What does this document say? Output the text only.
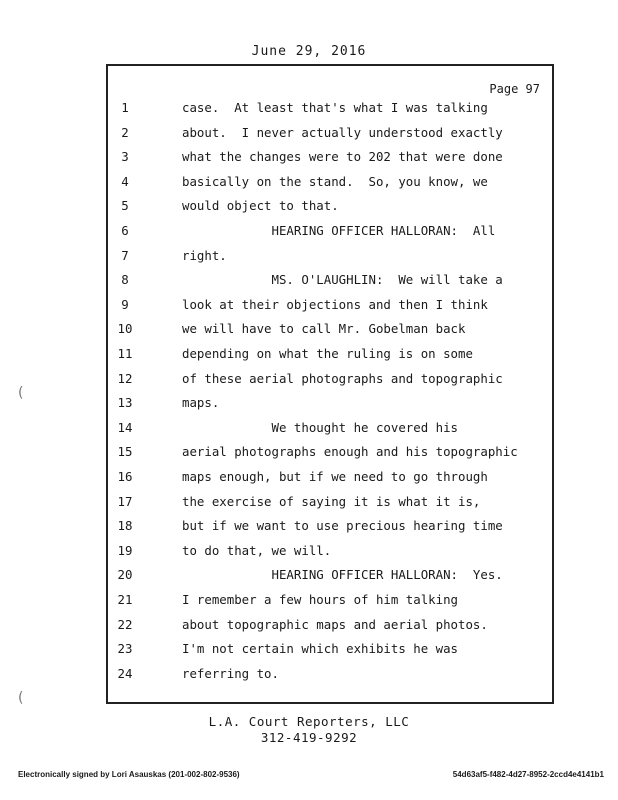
June 29, 2016
Page 97
1	case.  At least that's what I was talking
2	about.  I never actually understood exactly
3	what the changes were to 202 that were done
4	basically on the stand.  So, you know, we
5	would object to that.
6	HEARING OFFICER HALLORAN:  All
7	right.
8	MS. O'LAUGHLIN:  We will take a
9	look at their objections and then I think
10	we will have to call Mr. Gobelman back
11	depending on what the ruling is on some
12	of these aerial photographs and topographic
13	maps.
14	We thought he covered his
15	aerial photographs enough and his topographic
16	maps enough, but if we need to go through
17	the exercise of saying it is what it is,
18	but if we want to use precious hearing time
19	to do that, we will.
20	HEARING OFFICER HALLORAN:  Yes.
21	I remember a few hours of him talking
22	about topographic maps and aerial photos.
23	I'm not certain which exhibits he was
24	referring to.
L.A. Court Reporters, LLC
312-419-9292
Electronically signed by Lori Asauskas (201-002-802-9536)	54d63af5-f482-4d27-8952-2ccd4e4141b1
(
(
